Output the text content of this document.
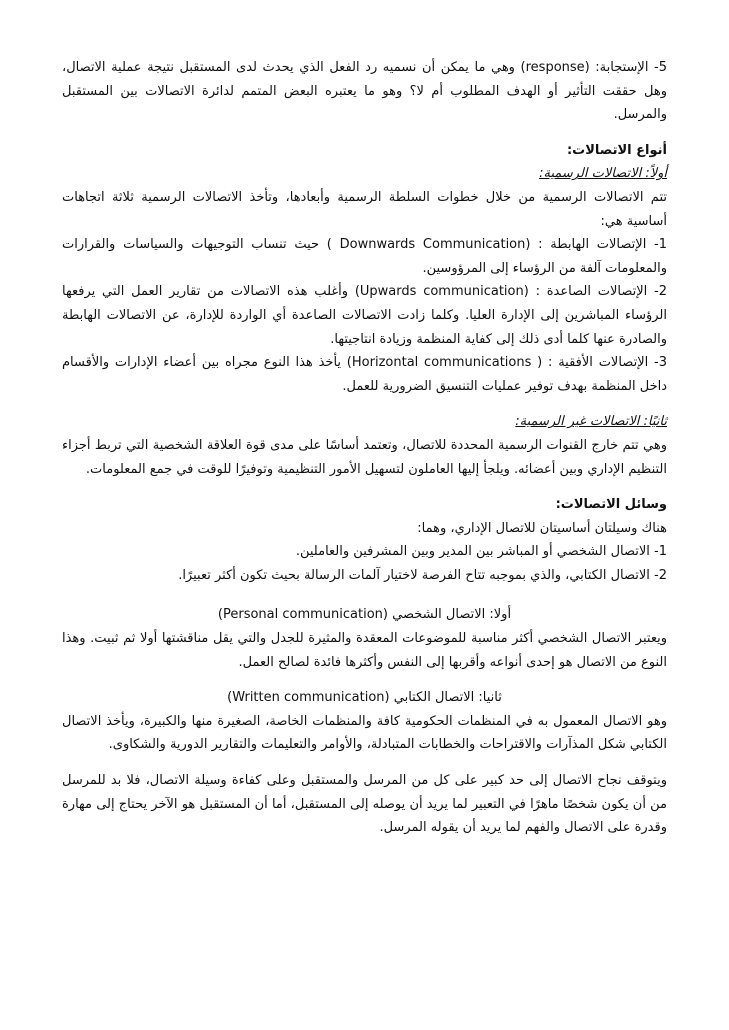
5- الإستجابة: (response) وهي ما يمكن أن نسميه رد الفعل الذي يحدث لدى المستقبل نتيجة عملية الاتصال، وهل حققت التأثير أو الهدف المطلوب أم لا؟ وهو ما يعتبره البعض المتمم لدائرة الاتصالات بين المستقبل والمرسل.

أنواع الاتصالات:

أولاً: الاتصالات الرسمية:

تتم الاتصالات الرسمية من خلال خطوات السلطة الرسمية وأبعادها، وتأخذ الاتصالات الرسمية ثلاثة اتجاهات أساسية هي:

1- الإتصالات الهابطة : (Downwards Communication ) حيث تنساب التوجيهات والسياسات والقرارات والمعلومات آلفة من الرؤساء إلى المرؤوسين.

2- الإتصالات الصاعدة : (Upwards communication) وأغلب هذه الاتصالات من تقارير العمل التي يرفعها الرؤساء المباشرين إلى الإدارة العليا. وكلما زادت الاتصالات الصاعدة أي الواردة للإدارة، عن الاتصالات الهابطة والصادرة عنها كلما أدى ذلك إلى كفاية المنظمة وزيادة انتاجيتها.

3- الإتصالات الأفقية : ( Horizontal communications) يأخذ هذا النوع مجراه بين أعضاء الإدارات والأقسام داخل المنظمة بهدف توفير عمليات التنسيق الضرورية للعمل.

ثانيًا: الاتصالات غير الرسمية:

وهي تتم خارج القنوات الرسمية المحددة للاتصال، وتعتمد أساسًا على مدى قوة العلاقة الشخصية التي تربط أجزاء التنظيم الإداري وبين أعضائه. ويلجأ إليها العاملون لتسهيل الأمور التنظيمية وتوفيرًا للوقت في جمع المعلومات.

وسائل الاتصالات:

هناك وسيلتان أساسيتان للاتصال الإداري، وهما:

1- الاتصال الشخصي أو المباشر بين المدير وبين المشرفين والعاملين.

2- الاتصال الكتابي، والذي بموجبه تتاح الفرصة لاختيار آلمات الرسالة بحيث تكون أكثر تعبيرًا.

أولا: الاتصال الشخصي (Personal communication)

ويعتبر الاتصال الشخصي أكثر مناسبة للموضوعات المعقدة والمثيرة للجدل والتي يقل مناقشتها أولا ثم ثبيت. وهذا النوع من الاتصال هو إحدى أنواعه وأقربها إلى النفس وأكثرها فائدة لصالح العمل.

ثانيا: الاتصال الكتابي (Written communication)

وهو الاتصال المعمول به في المنظمات الحكومية كافة والمنظمات الخاصة، الصغيرة منها والكبيرة، ويأخذ الاتصال الكتابي شكل المذآرات والاقتراحات والخطابات المتبادلة، والأوامر والتعليمات والتقارير الدورية والشكاوى.

ويتوقف نجاح الاتصال إلى حد كبير على كل من المرسل والمستقبل وعلى كفاءة وسيلة الاتصال، فلا بد للمرسل من أن يكون شخصًا ماهرًا في التعبير لما يريد أن يوصله إلى المستقبل، أما أن المستقبل هو الآخر يحتاج إلى مهارة وقدرة على الاتصال والفهم لما يريد أن يقوله المرسل.
